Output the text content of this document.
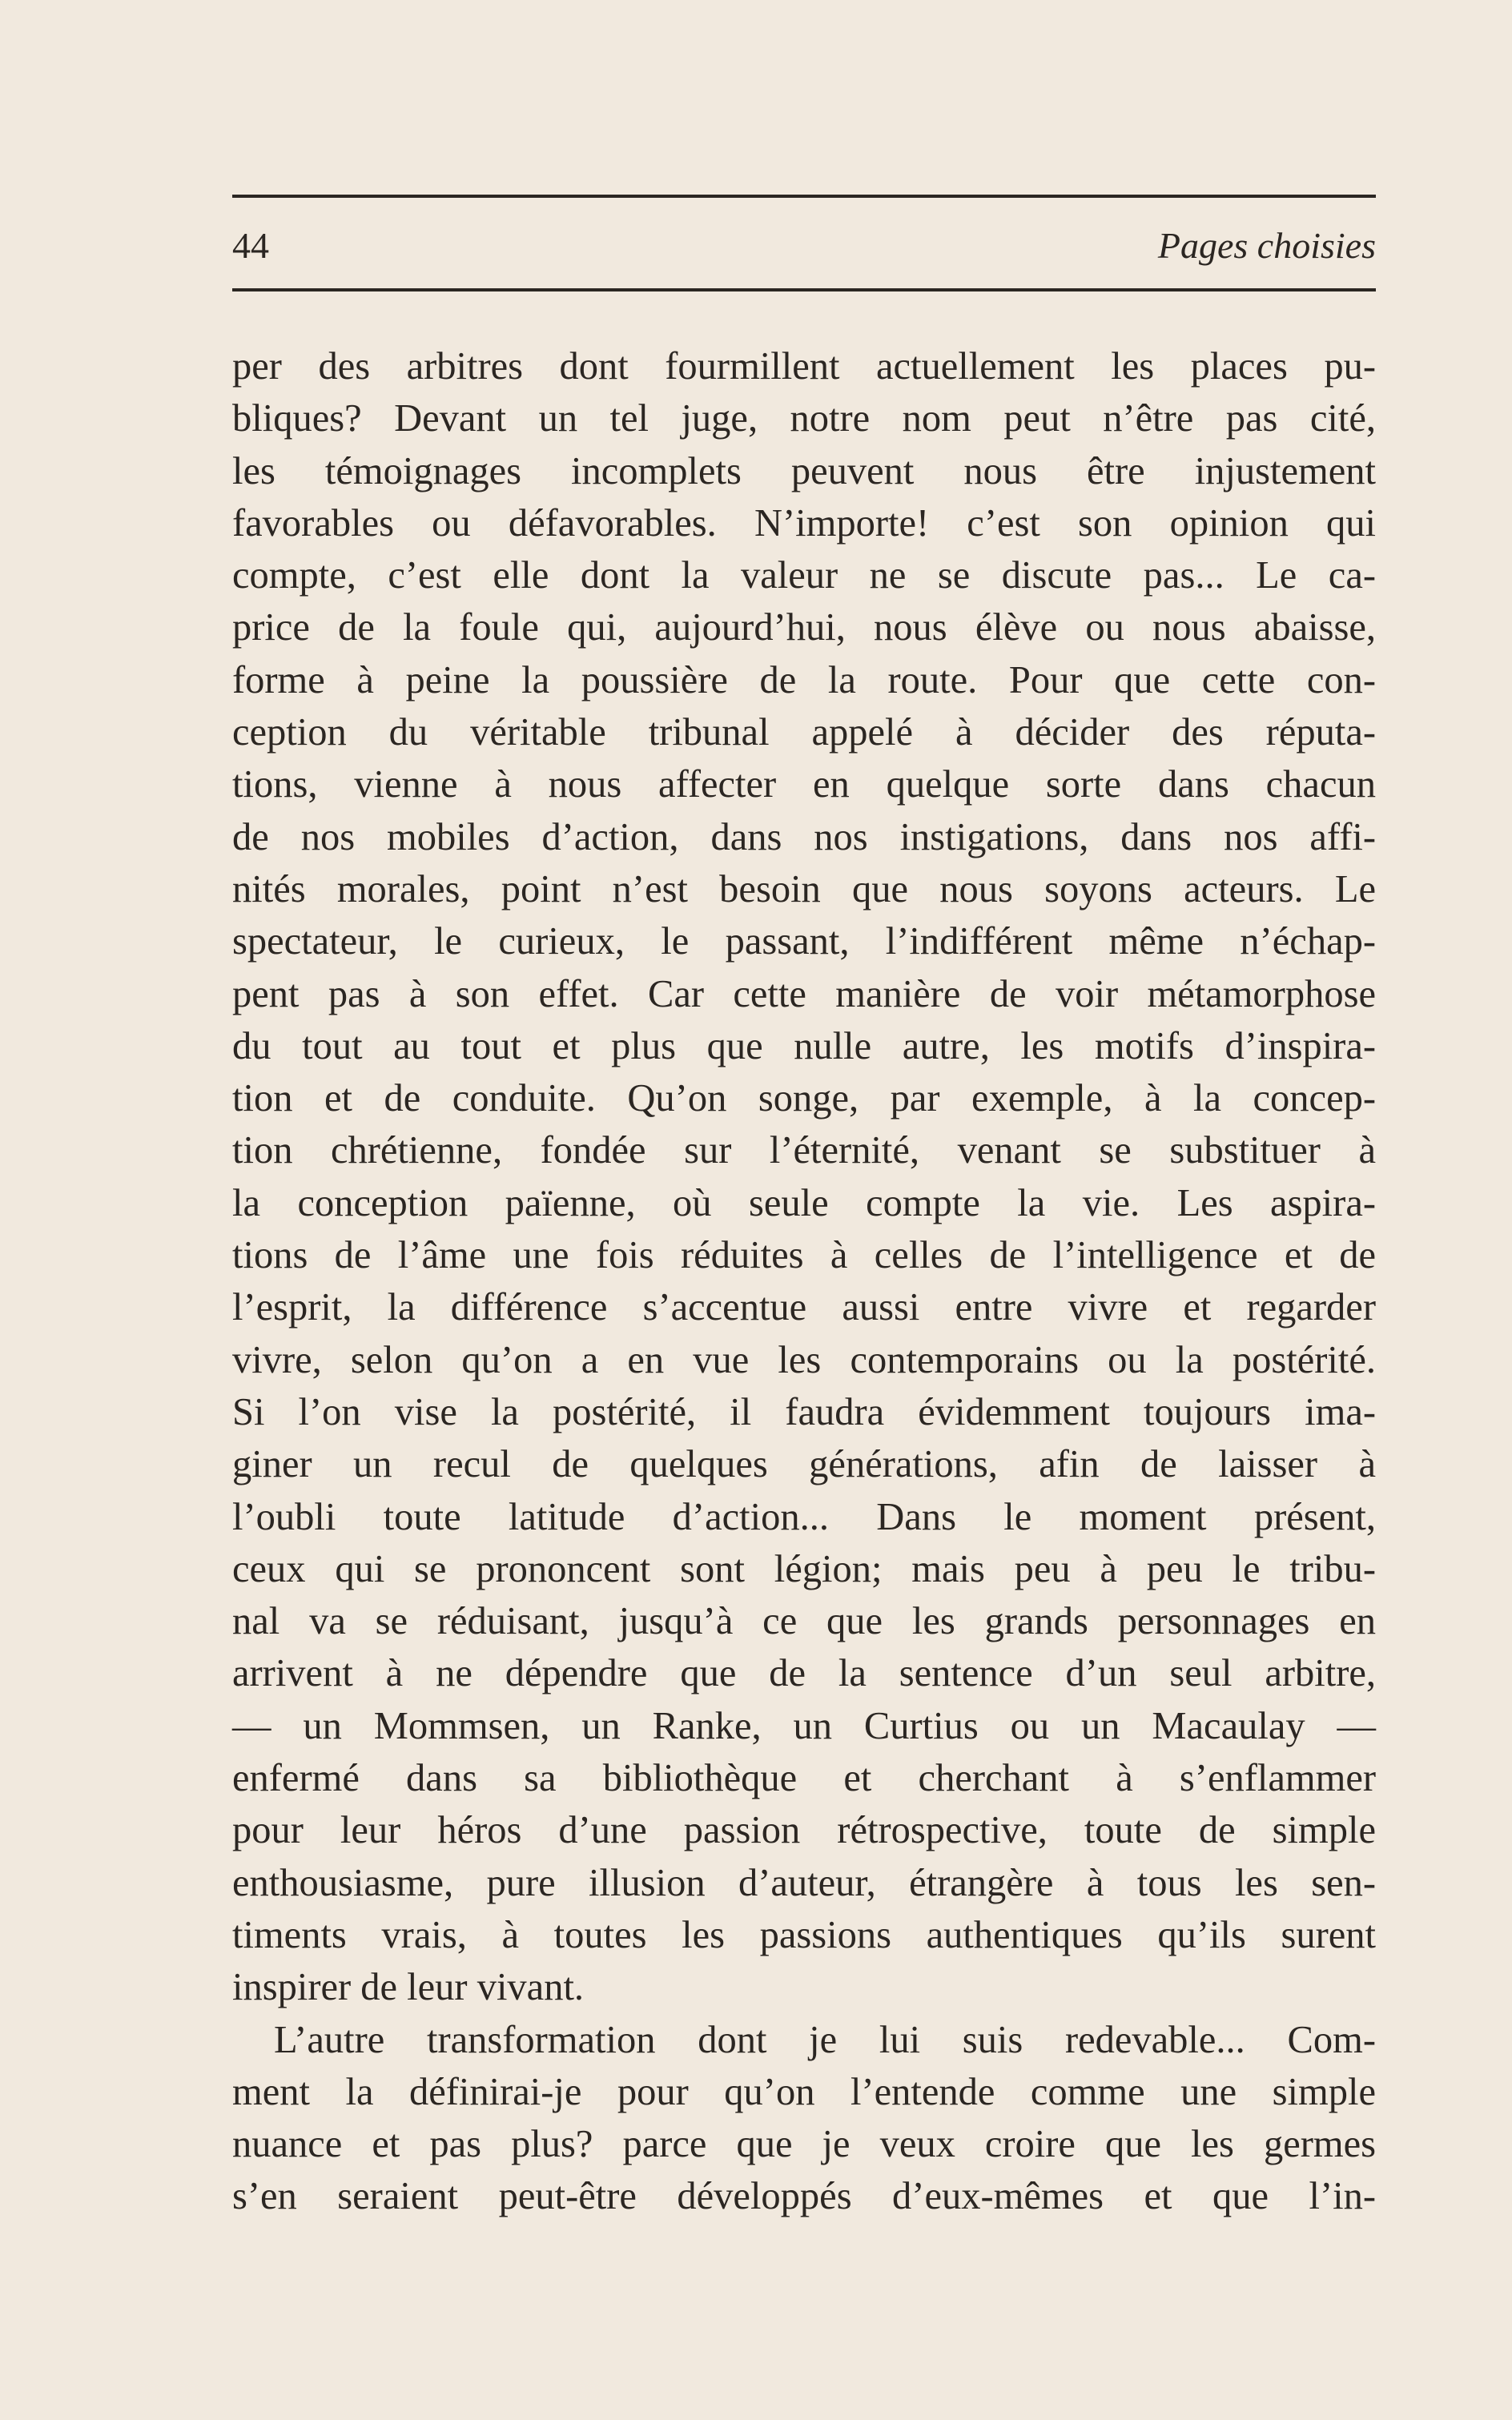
44	Pages choisies
per des arbitres dont fourmillent actuellement les places pu-
bliques? Devant un tel juge, notre nom peut n’être pas cité,
les témoignages incomplets peuvent nous être injustement
favorables ou défavorables. N’importe! c’est son opinion qui
compte, c’est elle dont la valeur ne se discute pas... Le ca-
price de la foule qui, aujourd’hui, nous élève ou nous abaisse,
forme à peine la poussière de la route. Pour que cette con-
ception du véritable tribunal appelé à décider des réputa-
tions, vienne à nous affecter en quelque sorte dans chacun
de nos mobiles d’action, dans nos instigations, dans nos affi-
nités morales, point n’est besoin que nous soyons acteurs. Le
spectateur, le curieux, le passant, l’indifférent même n’échap-
pent pas à son effet. Car cette manière de voir métamorphose
du tout au tout et plus que nulle autre, les motifs d’inspira-
tion et de conduite. Qu’on songe, par exemple, à la concep-
tion chrétienne, fondée sur l’éternité, venant se substituer à
la conception païenne, où seule compte la vie. Les aspira-
tions de l’âme une fois réduites à celles de l’intelligence et de
l’esprit, la différence s’accentue aussi entre vivre et regarder
vivre, selon qu’on a en vue les contemporains ou la postérité.
Si l’on vise la postérité, il faudra évidemment toujours ima-
giner un recul de quelques générations, afin de laisser à
l’oubli toute latitude d’action... Dans le moment présent,
ceux qui se prononcent sont légion; mais peu à peu le tribu-
nal va se réduisant, jusqu’à ce que les grands personnages en
arrivent à ne dépendre que de la sentence d’un seul arbitre,
— un Mommsen, un Ranke, un Curtius ou un Macaulay —
enfermé dans sa bibliothèque et cherchant à s’enflammer
pour leur héros d’une passion rétrospective, toute de simple
enthousiasme, pure illusion d’auteur, étrangère à tous les sen-
timents vrais, à toutes les passions authentiques qu’ils surent
inspirer de leur vivant.
L’autre transformation dont je lui suis redevable... Com-
ment la définirai-je pour qu’on l’entende comme une simple
nuance et pas plus? parce que je veux croire que les germes
s’en seraient peut-être développés d’eux-mêmes et que l’in-
